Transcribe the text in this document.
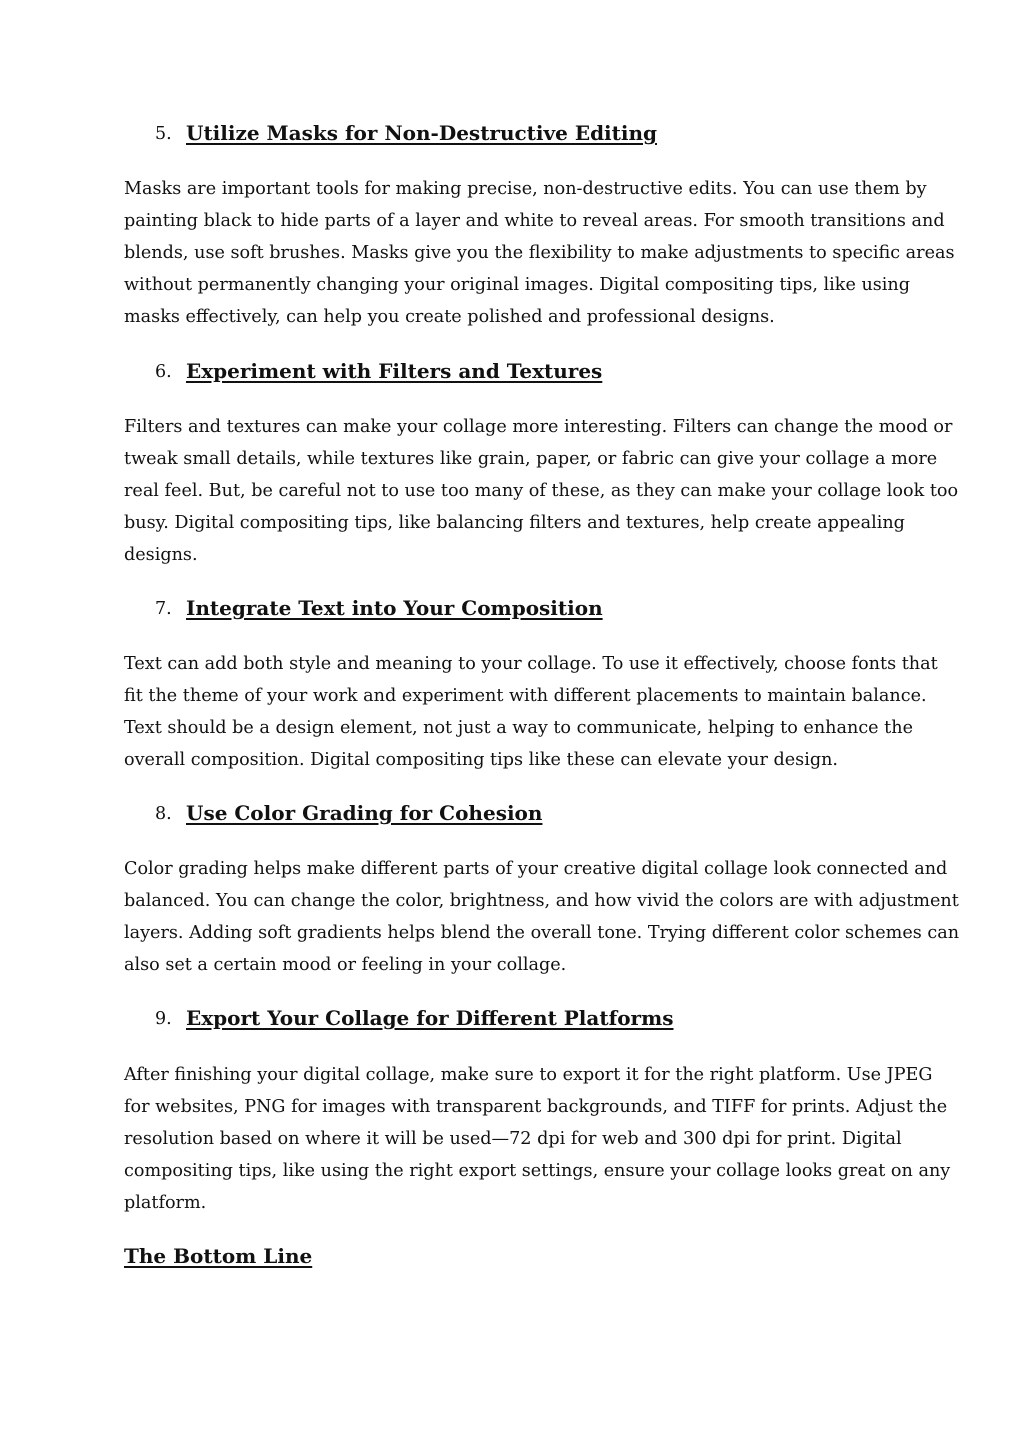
5. Utilize Masks for Non-Destructive Editing

Masks are important tools for making precise, non-destructive edits. You can use them by
painting black to hide parts of a layer and white to reveal areas. For smooth transitions and
blends, use soft brushes. Masks give you the flexibility to make adjustments to specific areas
without permanently changing your original images. Digital compositing tips, like using
masks effectively, can help you create polished and professional designs.

6. Experiment with Filters and Textures

Filters and textures can make your collage more interesting. Filters can change the mood or
tweak small details, while textures like grain, paper, or fabric can give your collage a more
real feel. But, be careful not to use too many of these, as they can make your collage look too
busy. Digital compositing tips, like balancing filters and textures, help create appealing
designs.

7. Integrate Text into Your Composition

Text can add both style and meaning to your collage. To use it effectively, choose fonts that
fit the theme of your work and experiment with different placements to maintain balance.
Text should be a design element, not just a way to communicate, helping to enhance the
overall composition. Digital compositing tips like these can elevate your design.

8. Use Color Grading for Cohesion

Color grading helps make different parts of your creative digital collage look connected and
balanced. You can change the color, brightness, and how vivid the colors are with adjustment
layers. Adding soft gradients helps blend the overall tone. Trying different color schemes can
also set a certain mood or feeling in your collage.

9. Export Your Collage for Different Platforms

After finishing your digital collage, make sure to export it for the right platform. Use JPEG
for websites, PNG for images with transparent backgrounds, and TIFF for prints. Adjust the
resolution based on where it will be used—72 dpi for web and 300 dpi for print. Digital
compositing tips, like using the right export settings, ensure your collage looks great on any
platform.

The Bottom Line
